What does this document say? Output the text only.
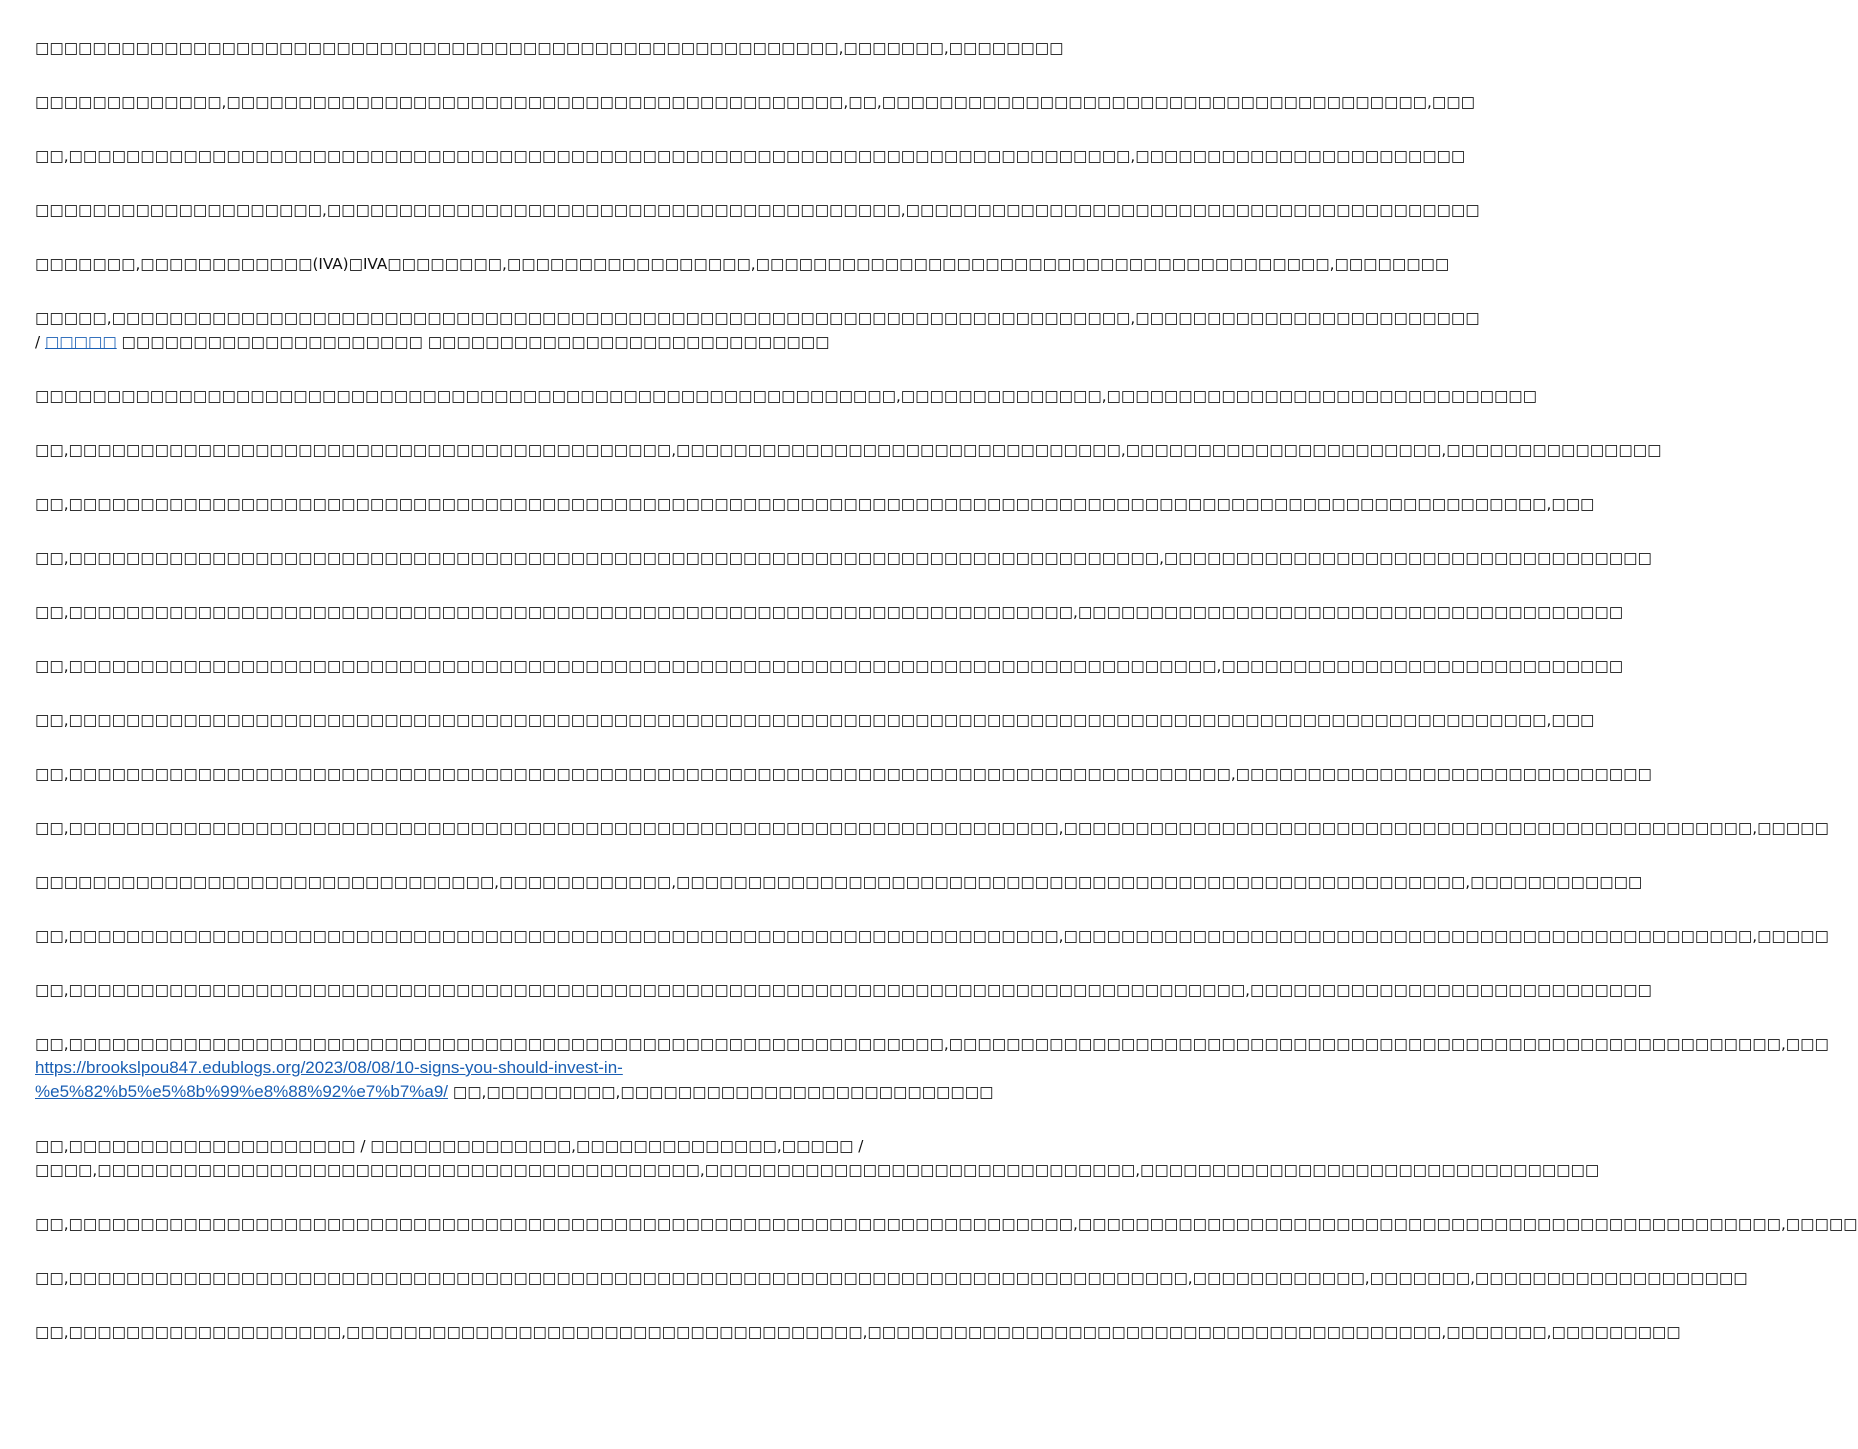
□□□□□□□□□□□□□□□□□□□□□□□□□□□□□□□□□□□□□□□□□□□□□□□□□□□□□□□□,□□□□□□□,□□□□□□□□

□□□□□□□□□□□□□,□□□□□□□□□□□□□□□□□□□□□□□□□□□□□□□□□□□□□□□□□□□,□□,□□□□□□□□□□□□□□□□□□□□□□□□□□□□□□□□□□□□□□,□□□

□□,□□□□□□□□□□□□□□□□□□□□□□□□□□□□□□□□□□□□□□□□□□□□□□□□□□□□□□□□□□□□□□□□□□□□□□□□□□,□□□□□□□□□□□□□□□□□□□□□□□

□□□□□□□□□□□□□□□□□□□□,□□□□□□□□□□□□□□□□□□□□□□□□□□□□□□□□□□□□□□□□,□□□□□□□□□□□□□□□□□□□□□□□□□□□□□□□□□□□□□□□□

□□□□□□□,□□□□□□□□□□□□(IVA)□IVA□□□□□□□□,□□□□□□□□□□□□□□□□□,□□□□□□□□□□□□□□□□□□□□□□□□□□□□□□□□□□□□□□□□,□□□□□□□□

□□□□□,□□□□□□□□□□□□□□□□□□□□□□□□□□□□□□□□□□□□□□□□□□□□□□□□□□□□□□□□□□□□□□□□□□□□□□□,□□□□□□□□□□□□□□□□□□□□□□□□
/ □□□□□ □□□□□□□□□□□□□□□□□□□□□ □□□□□□□□□□□□□□□□□□□□□□□□□□□□

□□□□□□□□□□□□□□□□□□□□□□□□□□□□□□□□□□□□□□□□□□□□□□□□□□□□□□□□□□□□,□□□□□□□□□□□□□□,□□□□□□□□□□□□□□□□□□□□□□□□□□□□□□

□□,□□□□□□□□□□□□□□□□□□□□□□□□□□□□□□□□□□□□□□□□□□,□□□□□□□□□□□□□□□□□□□□□□□□□□□□□□□,□□□□□□□□□□□□□□□□□□□□□□,□□□□□□□□□□□□□□□

□□,□□□□□□□□□□□□□□□□□□□□□□□□□□□□□□□□□□□□□□□□□□□□□□□□□□□□□□□□□□□□□□□□□□□□□□□□□□□□□□□□□□□□□□□□□□□□□□□□□□□□□□□,□□□

□□,□□□□□□□□□□□□□□□□□□□□□□□□□□□□□□□□□□□□□□□□□□□□□□□□□□□□□□□□□□□□□□□□□□□□□□□□□□□□,□□□□□□□□□□□□□□□□□□□□□□□□□□□□□□□□□□

□□,□□□□□□□□□□□□□□□□□□□□□□□□□□□□□□□□□□□□□□□□□□□□□□□□□□□□□□□□□□□□□□□□□□□□□□,□□□□□□□□□□□□□□□□□□□□□□□□□□□□□□□□□□□□□□

□□,□□□□□□□□□□□□□□□□□□□□□□□□□□□□□□□□□□□□□□□□□□□□□□□□□□□□□□□□□□□□□□□□□□□□□□□□□□□□□□□□,□□□□□□□□□□□□□□□□□□□□□□□□□□□□

□□,□□□□□□□□□□□□□□□□□□□□□□□□□□□□□□□□□□□□□□□□□□□□□□□□□□□□□□□□□□□□□□□□□□□□□□□□□□□□□□□□□□□□□□□□□□□□□□□□□□□□□□□,□□□

□□,□□□□□□□□□□□□□□□□□□□□□□□□□□□□□□□□□□□□□□□□□□□□□□□□□□□□□□□□□□□□□□□□□□□□□□□□□□□□□□□□□,□□□□□□□□□□□□□□□□□□□□□□□□□□□□□

□□,□□□□□□□□□□□□□□□□□□□□□□□□□□□□□□□□□□□□□□□□□□□□□□□□□□□□□□□□□□□□□□□□□□□□□,□□□□□□□□□□□□□□□□□□□□□□□□□□□□□□□□□□□□□□□□□□□□□□□□,□□□□□

□□□□□□□□□□□□□□□□□□□□□□□□□□□□□□□□,□□□□□□□□□□□□,□□□□□□□□□□□□□□□□□□□□□□□□□□□□□□□□□□□□□□□□□□□□□□□□□□□□□□□,□□□□□□□□□□□□

□□,□□□□□□□□□□□□□□□□□□□□□□□□□□□□□□□□□□□□□□□□□□□□□□□□□□□□□□□□□□□□□□□□□□□□□,□□□□□□□□□□□□□□□□□□□□□□□□□□□□□□□□□□□□□□□□□□□□□□□□,□□□□□

□□,□□□□□□□□□□□□□□□□□□□□□□□□□□□□□□□□□□□□□□□□□□□□□□□□□□□□□□□□□□□□□□□□□□□□□□□□□□□□□□□□□□,□□□□□□□□□□□□□□□□□□□□□□□□□□□□

□□,□□□□□□□□□□□□□□□□□□□□□□□□□□□□□□□□□□□□□□□□□□□□□□□□□□□□□□□□□□□□□,□□□□□□□□□□□□□□□□□□□□□□□□□□□□□□□□□□□□□□□□□□□□□□□□□□□□□□□□□□,□□□
https://brookslpou847.edublogs.org/2023/08/08/10-signs-you-should-invest-in-
%e5%82%b5%e5%8b%99%e8%88%92%e7%b7%a9/ □□,□□□□□□□□□,□□□□□□□□□□□□□□□□□□□□□□□□□□
□□,□□□□□□□□□□□□□□□□□□□□ / □□□□□□□□□□□□□□,□□□□□□□□□□□□□□,□□□□□ /
□□□□,□□□□□□□□□□□□□□□□□□□□□□□□□□□□□□□□□□□□□□□□□□,□□□□□□□□□□□□□□□□□□□□□□□□□□□□□□,□□□□□□□□□□□□□□□□□□□□□□□□□□□□□□□□

□□,□□□□□□□□□□□□□□□□□□□□□□□□□□□□□□□□□□□□□□□□□□□□□□□□□□□□□□□□□□□□□□□□□□□□□□,□□□□□□□□□□□□□□□□□□□□□□□□□□□□□□□□□□□□□□□□□□□□□□□□□,□□□□□

□□,□□□□□□□□□□□□□□□□□□□□□□□□□□□□□□□□□□□□□□□□□□□□□□□□□□□□□□□□□□□□□□□□□□□□□□□□□□□□□□,□□□□□□□□□□□□,□□□□□□□,□□□□□□□□□□□□□□□□□□□

□□,□□□□□□□□□□□□□□□□□□□,□□□□□□□□□□□□□□□□□□□□□□□□□□□□□□□□□□□□,□□□□□□□□□□□□□□□□□□□□□□□□□□□□□□□□□□□□□□□□,□□□□□□□,□□□□□□□□□
